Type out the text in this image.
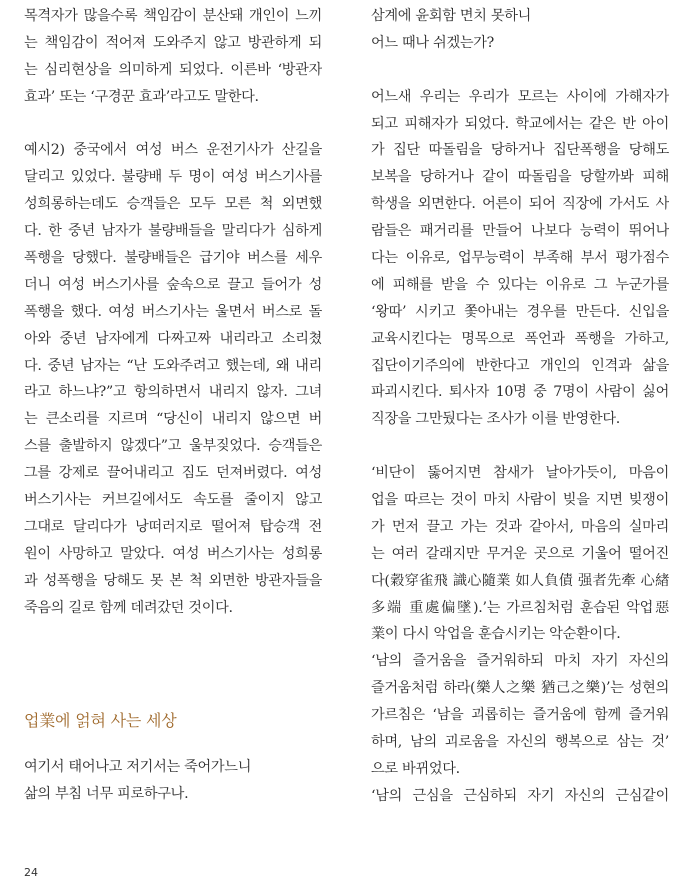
목격자가 많을수록 책임감이 분산돼 개인이 느끼
는 책임감이 적어져 도와주지 않고 방관하게 되
는 심리현상을 의미하게 되었다. 이른바 ‘방관자
효과’ 또는 ‘구경꾼 효과’라고도 말한다.
예시2) 중국에서 여성 버스 운전기사가 산길을
달리고 있었다. 불량배 두 명이 여성 버스기사를
성희롱하는데도 승객들은 모두 모른 척 외면했
다. 한 중년 남자가 불량배들을 말리다가 심하게
폭행을 당했다. 불량배들은 급기야 버스를 세우
더니 여성 버스기사를 숲속으로 끌고 들어가 성
폭행을 했다. 여성 버스기사는 울면서 버스로 돌
아와 중년 남자에게 다짜고짜 내리라고 소리쳤
다. 중년 남자는 “난 도와주려고 했는데, 왜 내리
라고 하느냐?”고 항의하면서 내리지 않자. 그녀
는 큰소리를 지르며 “당신이 내리지 않으면 버
스를 출발하지 않겠다”고 울부짖었다. 승객들은
그를 강제로 끌어내리고 짐도 던져버렸다. 여성
버스기사는 커브길에서도 속도를 줄이지 않고
그대로 달리다가 낭떠러지로 떨어져 탑승객 전
원이 사망하고 말았다. 여성 버스기사는 성희롱
과 성폭행을 당해도 못 본 척 외면한 방관자들을
죽음의 길로 함께 데려갔던 것이다.
업業에 얽혀 사는 세상
여기서 태어나고 저기서는 죽어가느니
삶의 부침 너무 피로하구나.
삼계에 윤회함 면치 못하니
어느 때나 쉬겠는가?
어느새 우리는 우리가 모르는 사이에 가해자가
되고 피해자가 되었다. 학교에서는 같은 반 아이
가 집단 따돌림을 당하거나 집단폭행을 당해도
보복을 당하거나 같이 따돌림을 당할까봐 피해
학생을 외면한다. 어른이 되어 직장에 가서도 사
람들은 패거리를 만들어 나보다 능력이 뛰어나
다는 이유로, 업무능력이 부족해 부서 평가점수
에 피해를 받을 수 있다는 이유로 그 누군가를
‘왕따’ 시키고 쫓아내는 경우를 만든다. 신입을
교육시킨다는 명목으로 폭언과 폭행을 가하고,
집단이기주의에 반한다고 개인의 인격과 삶을
파괴시킨다. 퇴사자 10명 중 7명이 사람이 싫어
직장을 그만뒀다는 조사가 이를 반영한다.
‘비단이 뚫어지면 참새가 날아가듯이, 마음이
업을 따르는 것이 마치 사람이 빚을 지면 빚쟁이
가 먼저 끌고 가는 것과 같아서, 마음의 실마리
는 여러 갈래지만 무거운 곳으로 기울어 떨어진
다(穀穿雀飛 識心隨業 如人負債 强者先牽 心緖
多端 重處偏墜).’는 가르침처럼 훈습된 악업惡
業이 다시 악업을 훈습시키는 악순환이다.
‘남의 즐거움을 즐거워하되 마치 자기 자신의
즐거움처럼 하라(樂人之樂 猶己之樂)’는 성현의
가르침은 ‘남을 괴롭히는 즐거움에 함께 즐거워
하며, 남의 괴로움을 자신의 행복으로 삼는 것’
으로 바뀌었다.
‘남의 근심을 근심하되 자기 자신의 근심같이
24
